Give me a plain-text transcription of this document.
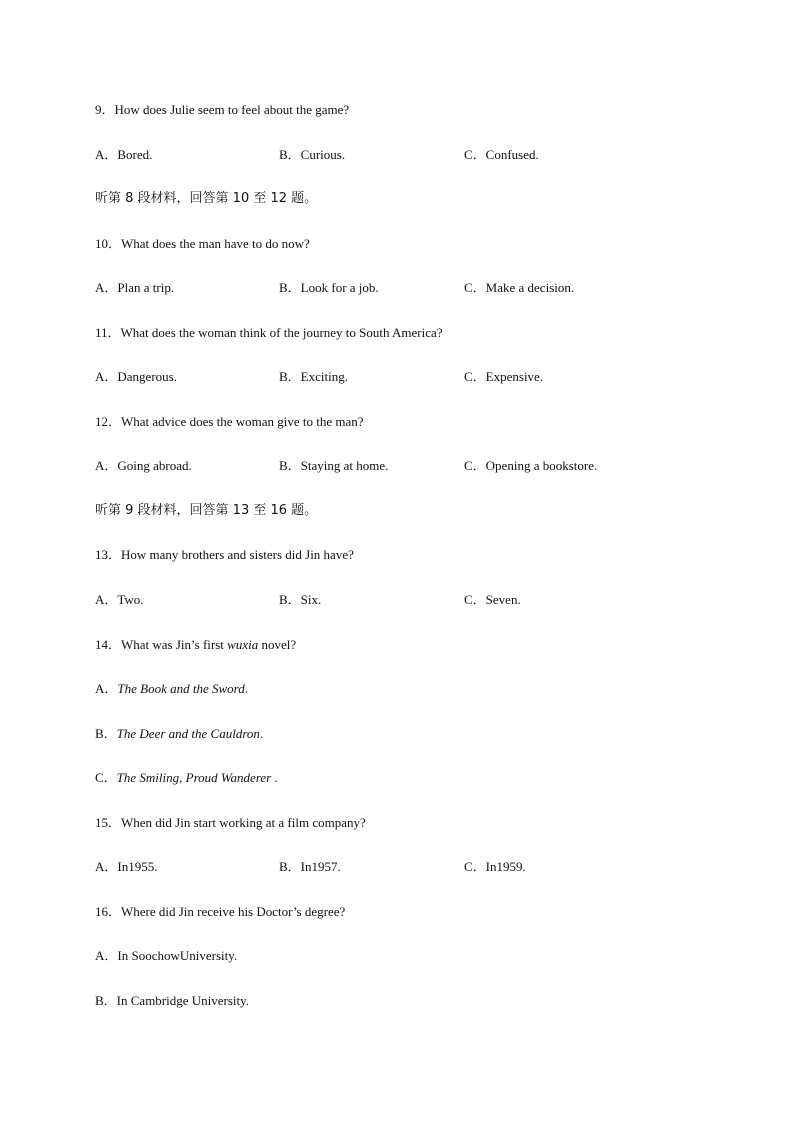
9．How does Julie seem to feel about the game?
A．Bored.	B．Curious.	C．Confused.
听第 8 段材料，回答第 10 至 12 题。
10．What does the man have to do now?
A．Plan a trip.	B．Look for a job.	C．Make a decision.
11．What does the woman think of the journey to South America?
A．Dangerous.	B．Exciting.	C．Expensive.
12．What advice does the woman give to the man?
A．Going abroad.	B．Staying at home.	C．Opening a bookstore.
听第 9 段材料，回答第 13 至 16 题。
13．How many brothers and sisters did Jin have?
A．Two.	B．Six.	C．Seven.
14．What was Jin’s first wuxia novel?
A．The Book and the Sword.
B．The Deer and the Cauldron.
C．The Smiling, Proud Wanderer .
15．When did Jin start working at a film company?
A．In1955.	B．In1957.	C．In1959.
16．Where did Jin receive his Doctor’s degree?
A．In SoochowUniversity.
B．In Cambridge University.
